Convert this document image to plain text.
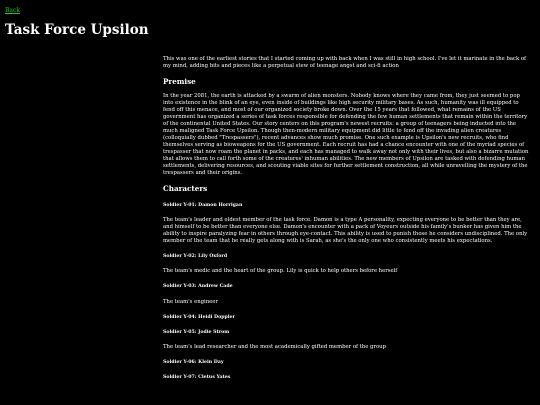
Back
Task Force Upsilon

This was one of the earliest stories that I started coming up with back when I was still in high school. I've let it marinate in the back of my mind, adding bits and pieces like a perpetual stew of teenage angst and sci-fi action

Premise

In the year 2081, the earth is attacked by a swarm of alien monsters. Nobody knows where they came from, they just seemed to pop into existence in the blink of an eye, even inside of buildings like high security military bases. As such, humanity was ill equipped to fend off this menace, and most of our organized society broke down. Over the 15 years that followed, what remains of the US government has organized a series of task forces responsible for defending the few human settlements that remain within the territory of the continental United States. Our story centers on this program's newest recruits: a group of teenagers being inducted into the much maligned Task Force Upsilon. Though then-modern military equipment did little to fend off the invading alien creatures (colloquially dubbed "Trespassers"), recent advances show much promise. One such example is Upsilon's new recruits, who find themselves serving as bioweapons for the US government. Each recruit has had a chance encounter with one of the myriad species of trespasser that now roam the planet in packs, and each has managed to walk away not only with their lives, but also a bizarre mutation that allows them to call forth some of the creatures' inhuman abilities. The new members of Upsilon are tasked with defending human settlements, delivering resources, and scouting viable sites for further settlement construction, all while unravelling the mystery of the trespassers and their origins.

Characters
Soldier Y-01: Damon Horrigan

The team's leader and oldest member of the task force. Damon is a type A personality, expecting everyone to be better than they are, and himself to be better than everyone else. Damon's encounter with a pack of Voyeurs outside his family's bunker has given him the ability to inspire paralyzing fear in others through eye-contact. This ability is used to punish those he considers undisciplined. The only member of the team that he really gets along with is Sarah, as she's the only one who consistently meets his expectations.

Soldier Y-02: Lily Oxford

The team's medic and the heart of the group. Lily is quick to help others before herself

Soldier Y-03: Andrew Cade

The team's engineer

Soldier Y-04: Heidi Doppler
Soldier Y-05: Jodie Strom

The team's lead researcher and the most academically gifted member of the group

Soldier Y-06: Klein Day
Soldier Y-07: Cletus Yates
